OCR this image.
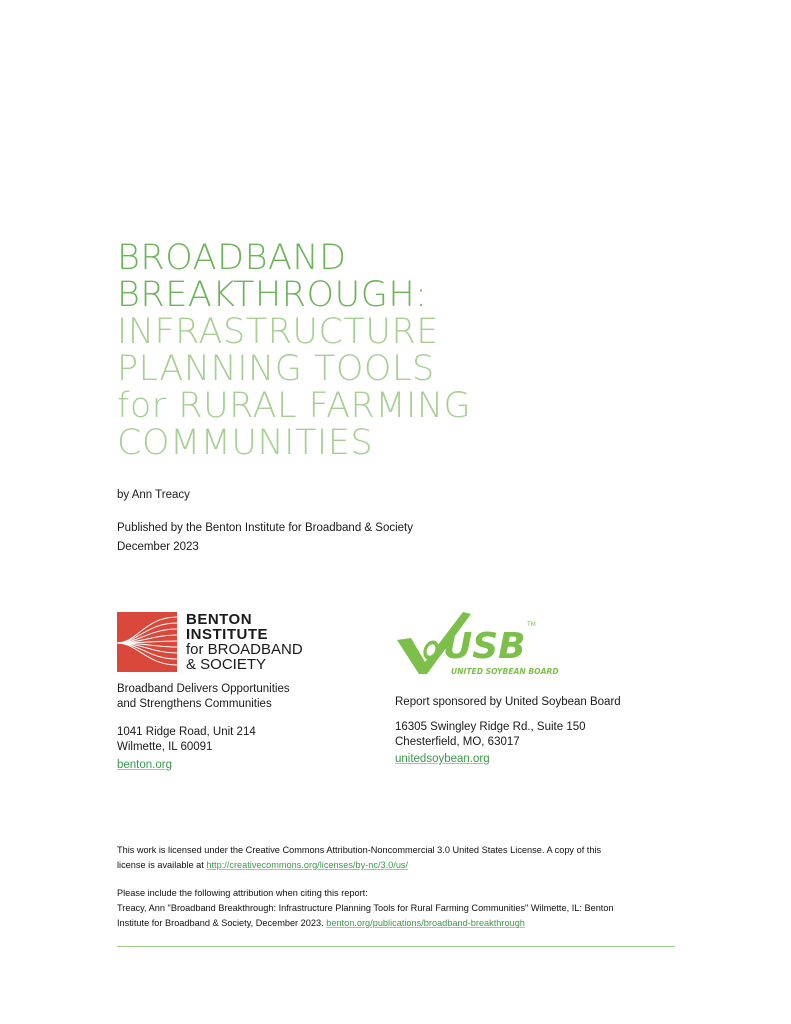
BROADBAND
BREAKTHROUGH:
INFRASTRUCTURE
PLANNING TOOLS
for RURAL FARMING
COMMUNITIES
by Ann Treacy
Published by the Benton Institute for Broadband & Society
December 2023
BENTON
INSTITUTE
for BROADBAND
& SOCIETY	USB
TM
UNITED SOYBEAN BOARD
Broadband Delivers Opportunities
and Strengthens Communities
1041 Ridge Road, Unit 214
Wilmette, IL 60091
benton.org
Report sponsored by United Soybean Board
16305 Swingley Ridge Rd., Suite 150
Chesterfield, MO, 63017
unitedsoybean.org

This work is licensed under the Creative Commons Attribution-Noncommercial 3.0 United States License. A copy of this

license is available at http://creativecommons.org/licenses/by-nc/3.0/us/

Please include the following attribution when citing this report:

Treacy, Ann "Broadband Breakthrough: Infrastructure Planning Tools for Rural Farming Communities" Wilmette, IL: Benton

Institute for Broadband & Society, December 2023. benton.org/publications/broadband-breakthrough
